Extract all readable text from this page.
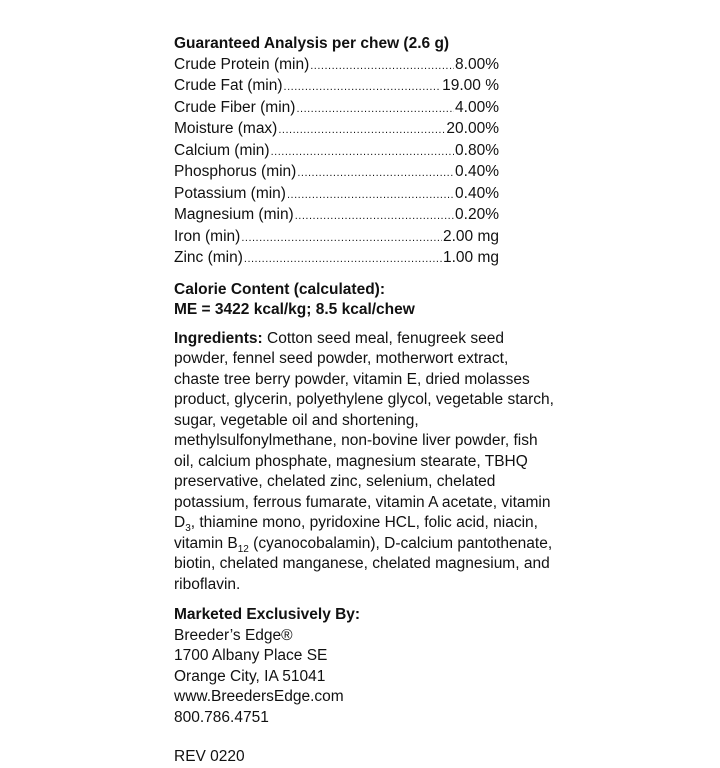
Guaranteed Analysis per chew (2.6 g)
Crude Protein (min) .....	8.00%
Crude Fat (min) .....	19.00 %
Crude Fiber (min) .....	4.00%
Moisture (max) .....	20.00%
Calcium (min) .....	0.80%
Phosphorus (min) .....	0.40%
Potassium (min) .....	0.40%
Magnesium (min) .....	0.20%
Iron (min) .....	2.00 mg
Zinc (min) .....	1.00 mg
Calorie Content (calculated):
ME = 3422 kcal/kg; 8.5 kcal/chew
Ingredients: Cotton seed meal, fenugreek seed powder, fennel seed powder, motherwort extract, chaste tree berry powder, vitamin E, dried molasses product, glycerin, polyethylene glycol, vegetable starch, sugar, vegetable oil and shortening, methylsulfonylmethane, non-bovine liver powder, fish oil, calcium phosphate, magnesium stearate, TBHQ preservative, chelated zinc, selenium, chelated potassium, ferrous fumarate, vitamin A acetate, vitamin $D_3$, thiamine mono, pyridoxine HCL, folic acid, niacin, vitamin $B_{12}$ (cyanocobalamin), D-calcium pantothenate, biotin, chelated manganese, chelated magnesium, and riboflavin.
Marketed Exclusively By:
Breeder’s Edge®
1700 Albany Place SE
Orange City, IA 51041
www.BreedersEdge.com
800.786.4751
REV 0220
